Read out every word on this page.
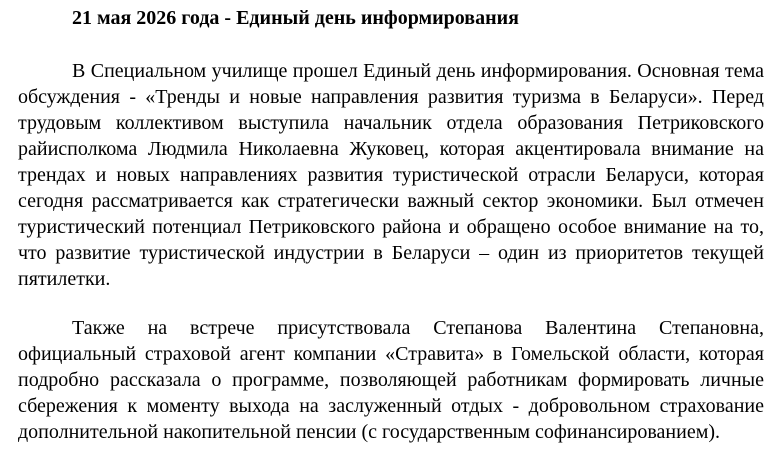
21 мая 2026 года - Единый день информирования

В Специальном училище прошел Единый день информирования. Основная тема обсуждения - «Тренды и новые направления развития туризма в Беларуси». Перед трудовым коллективом выступила начальник отдела образования Петриковского райисполкома Людмила Николаевна Жуковец, которая акцентировала внимание на трендах и новых направлениях развития туристической отрасли Беларуси, которая сегодня рассматривается как стратегически важный сектор экономики. Был отмечен туристический потенциал Петриковского района и обращено особое внимание на то, что развитие туристической индустрии в Беларуси – один из приоритетов текущей пятилетки.

Также на встрече присутствовала Степанова Валентина Степановна, официальный страховой агент компании «Стравита» в Гомельской области, которая подробно рассказала о программе, позволяющей работникам формировать личные сбережения к моменту выхода на заслуженный отдых - добровольном страхование дополнительной накопительной пенсии (с государственным софинансированием).
